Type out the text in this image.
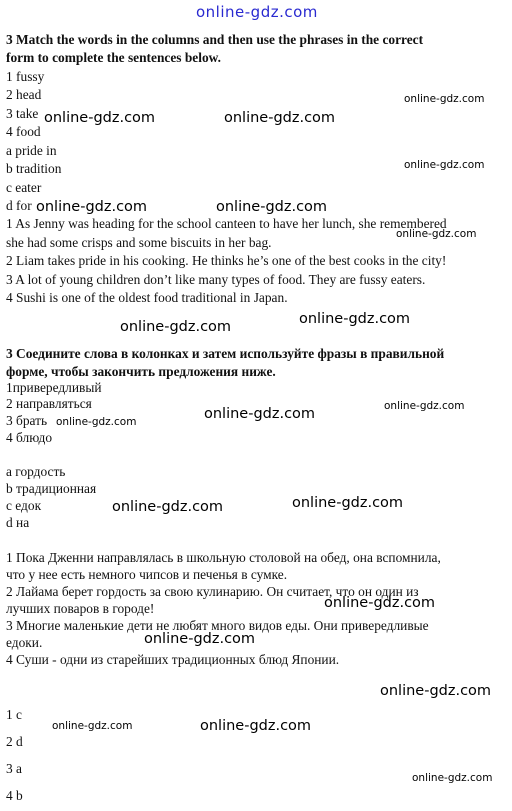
online-gdz.com
3 Match the words in the columns and then use the phrases in the correct
form to complete the sentences below.
1 fussy
2 head
3 take
4 food
a pride in
b tradition
c eater
d for
1 As Jenny was heading for the school canteen to have her lunch, she remembered
she had some crisps and some biscuits in her bag.
2 Liam takes pride in his cooking. He thinks he’s one of the best cooks in the city!
3 A lot of young children don’t like many types of food. They are fussy eaters.
4 Sushi is one of the oldest food traditional in Japan.
3 Соедините слова в колонках и затем используйте фразы в правильной
форме, чтобы закончить предложения ниже.
1привередливый
2 направляться
3 брать
4 блюдо
а гордость
b традиционная
с едок
d на
1 Пока Дженни направлялась в школьную столовой на обед, она вспомнила,
что у нее есть немного чипсов и печенья в сумке.
2 Лайама берет гордость за свою кулинарию. Он считает, что он один из
лучших поваров в городе!
3 Многие маленькие дети не любят много видов еды. Они привередливые
едоки.
4 Суши - одни из старейших традиционных блюд Японии.
1 с
2 d
3 a
4 b
online-gdz.com
online-gdz.com	online-gdz.com
online-gdz.com
online-gdz.com	online-gdz.com
online-gdz.com
online-gdz.com
online-gdz.com
online-gdz.com
online-gdz.com
online-gdz.com
online-gdz.com
online-gdz.com
online-gdz.com
online-gdz.com
online-gdz.com
online-gdz.com	online-gdz.com
online-gdz.com
